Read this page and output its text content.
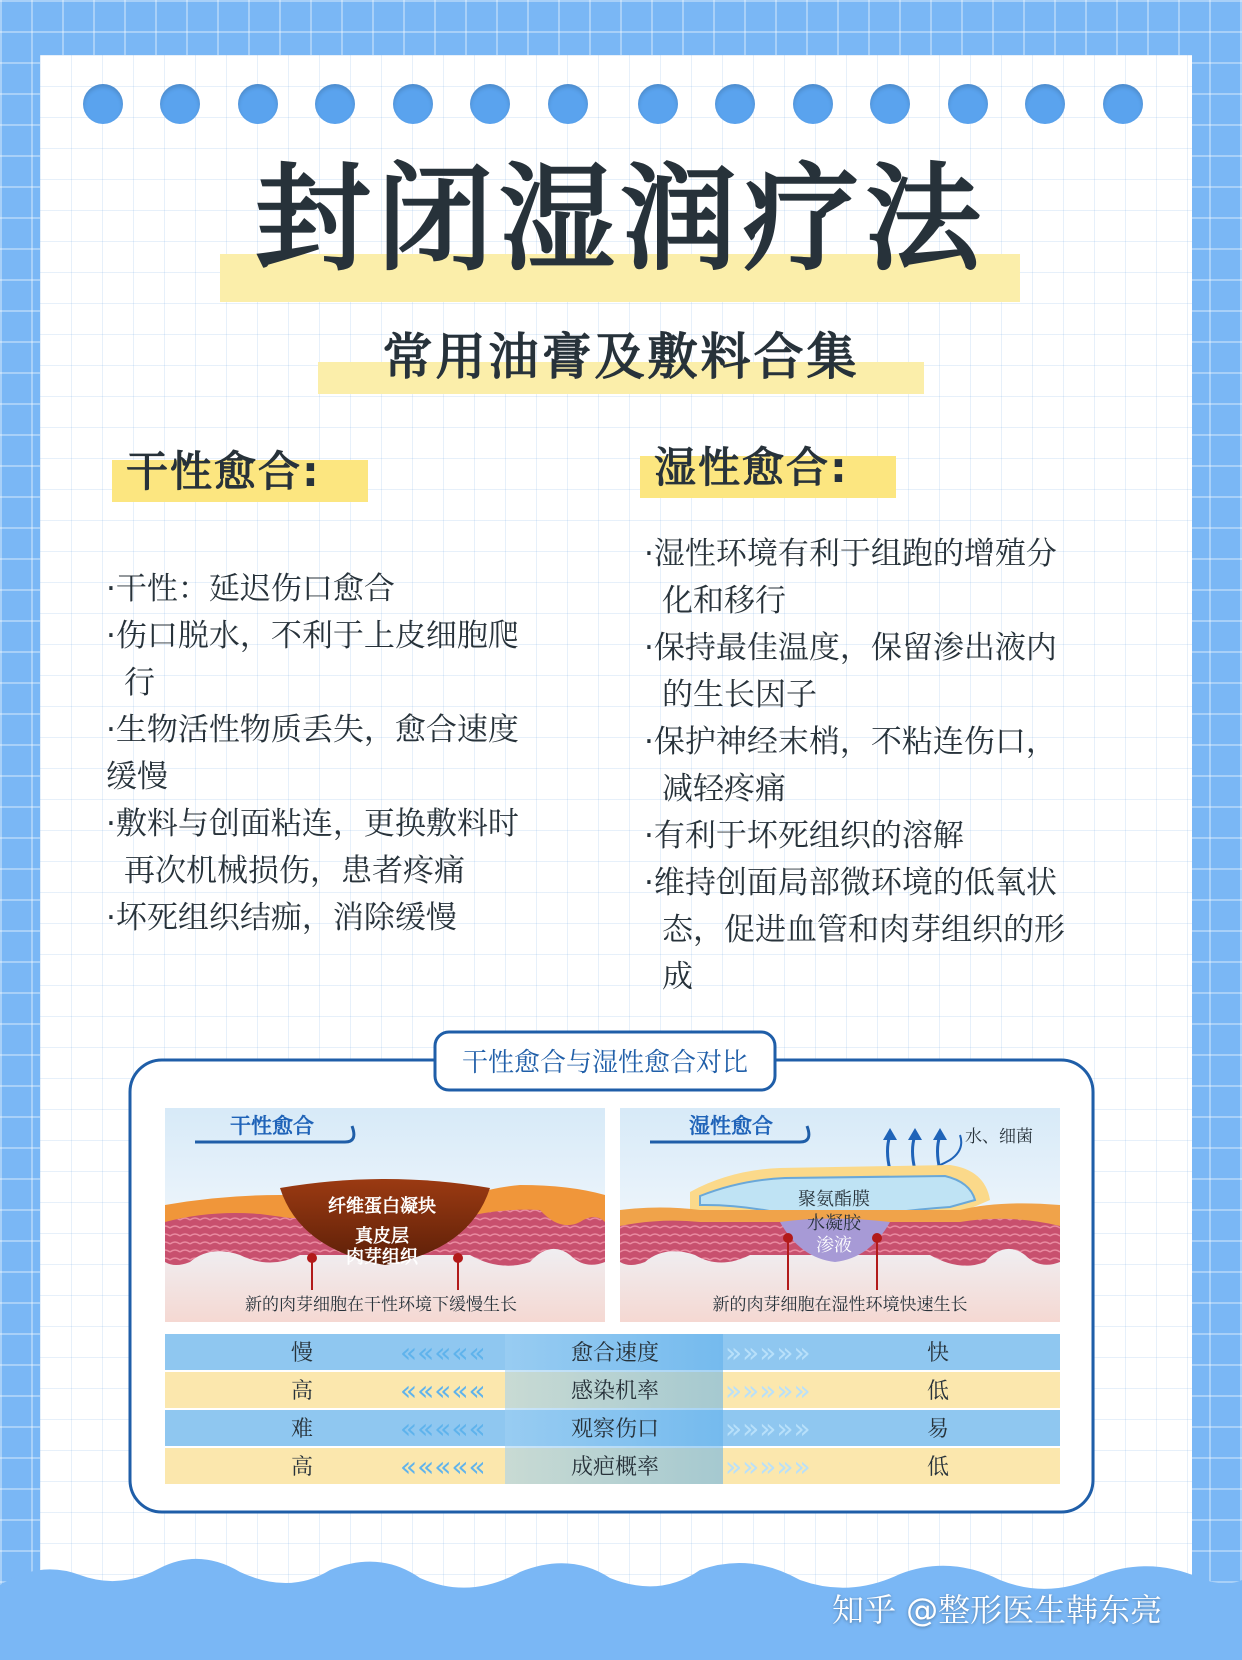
封闭湿润疗法
常用油膏及敷料合集
干性愈合:

·干性：延迟伤口愈合

·伤口脱水，不利于上皮细胞爬

行

·生物活性物质丢失，愈合速度

缓慢

·敷料与创面粘连，更换敷料时

再次机械损伤，患者疼痛

·坏死组织结痂，消除缓慢

湿性愈合:

·湿性环境有利于组跑的增殖分

化和移行

·保持最佳温度，保留渗出液内

的生长因子

·保护神经末梢，不粘连伤口，

减轻疼痛

·有利于坏死组织的溶解

·维持创面局部微环境的低氧状

态，促进血管和肉芽组织的形

成

干性愈合与湿性愈合对比
干性愈合
纤维蛋白凝块
真皮层
肉芽组织
新的肉芽细胞在干性环境下缓慢生长
湿性愈合	水、细菌
聚氨酯膜
水凝胶
渗液
新的肉芽细胞在湿性环境快速生长
«««««
«««««
«««««
«««««
»»»»»
»»»»»
»»»»»
»»»»»
慢	愈合速度	快
高	感染机率	低
难	观察伤口	易
高	成疤概率	低
知乎 @整形医生韩东亮
